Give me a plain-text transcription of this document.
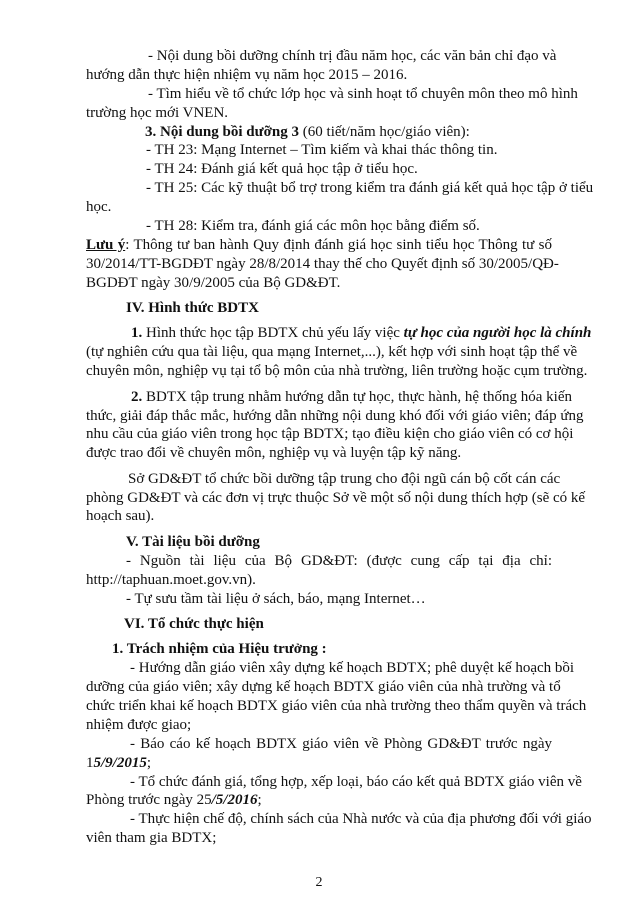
- Nội dung bồi dưỡng chính trị đầu năm học, các văn bản chỉ đạo và
hướng dẫn thực hiện nhiệm vụ năm học 2015 – 2016.
- Tìm hiểu về tổ chức lớp học và sinh hoạt tổ chuyên môn theo mô hình
trường học mới VNEN.
3. Nội dung bồi dưỡng 3 (60 tiết/năm học/giáo viên):
- TH 23: Mạng Internet – Tìm kiếm và khai thác thông tin.
- TH 24: Đánh giá kết quả học tập ở tiểu học.
- TH 25: Các kỹ thuật bổ trợ trong kiểm tra đánh giá kết quả học tập ở tiểu
học.
- TH 28: Kiểm tra, đánh giá các môn học bằng điểm số.
Lưu ý: Thông tư ban hành Quy định đánh giá học sinh tiểu học Thông tư số
30/2014/TT-BGDĐT ngày 28/8/2014 thay thế cho Quyết định số 30/2005/QĐ-
BGDĐT ngày 30/9/2005 của Bộ GD&ĐT.
IV. Hình thức BDTX
1. Hình thức học tập BDTX chủ yếu lấy việc tự học của người học là chính
(tự nghiên cứu qua tài liệu, qua mạng Internet,...), kết hợp với sinh hoạt tập thể về
chuyên môn, nghiệp vụ tại tổ bộ môn của nhà trường, liên trường hoặc cụm trường.
2. BDTX tập trung nhằm hướng dẫn tự học, thực hành, hệ thống hóa kiến
thức, giải đáp thắc mắc, hướng dẫn những nội dung khó đối với giáo viên; đáp ứng
nhu cầu của giáo viên trong học tập BDTX; tạo điều kiện cho giáo viên có cơ hội
được trao đổi về chuyên môn, nghiệp vụ và luyện tập kỹ năng.
Sở GD&ĐT tổ chức bồi dưỡng tập trung cho đội ngũ cán bộ cốt cán các
phòng GD&ĐT và các đơn vị trực thuộc Sở về một số nội dung thích hợp (sẽ có kế
hoạch sau).
V. Tài liệu bồi dưỡng
- Nguồn tài liệu của Bộ GD&ĐT: (được cung cấp tại địa chỉ:
http://taphuan.moet.gov.vn).
- Tự sưu tầm tài liệu ở sách, báo, mạng Internet…
VI. Tổ chức thực hiện
1. Trách nhiệm của Hiệu trưởng :
- Hướng dẫn giáo viên xây dựng kế hoạch BDTX; phê duyệt kế hoạch bồi
dưỡng của giáo viên; xây dựng kế hoạch BDTX giáo viên của nhà trường và tổ
chức triển khai kế hoạch BDTX giáo viên của nhà trường theo thẩm quyền và trách
nhiệm được giao;
- Báo cáo kế hoạch BDTX giáo viên về Phòng GD&ĐT trước ngày
15/9/2015;
- Tổ chức đánh giá, tổng hợp, xếp loại, báo cáo kết quả BDTX giáo viên về
Phòng trước ngày 25/5/2016;
- Thực hiện chế độ, chính sách của Nhà nước và của địa phương đối với giáo
viên tham gia BDTX;
2
